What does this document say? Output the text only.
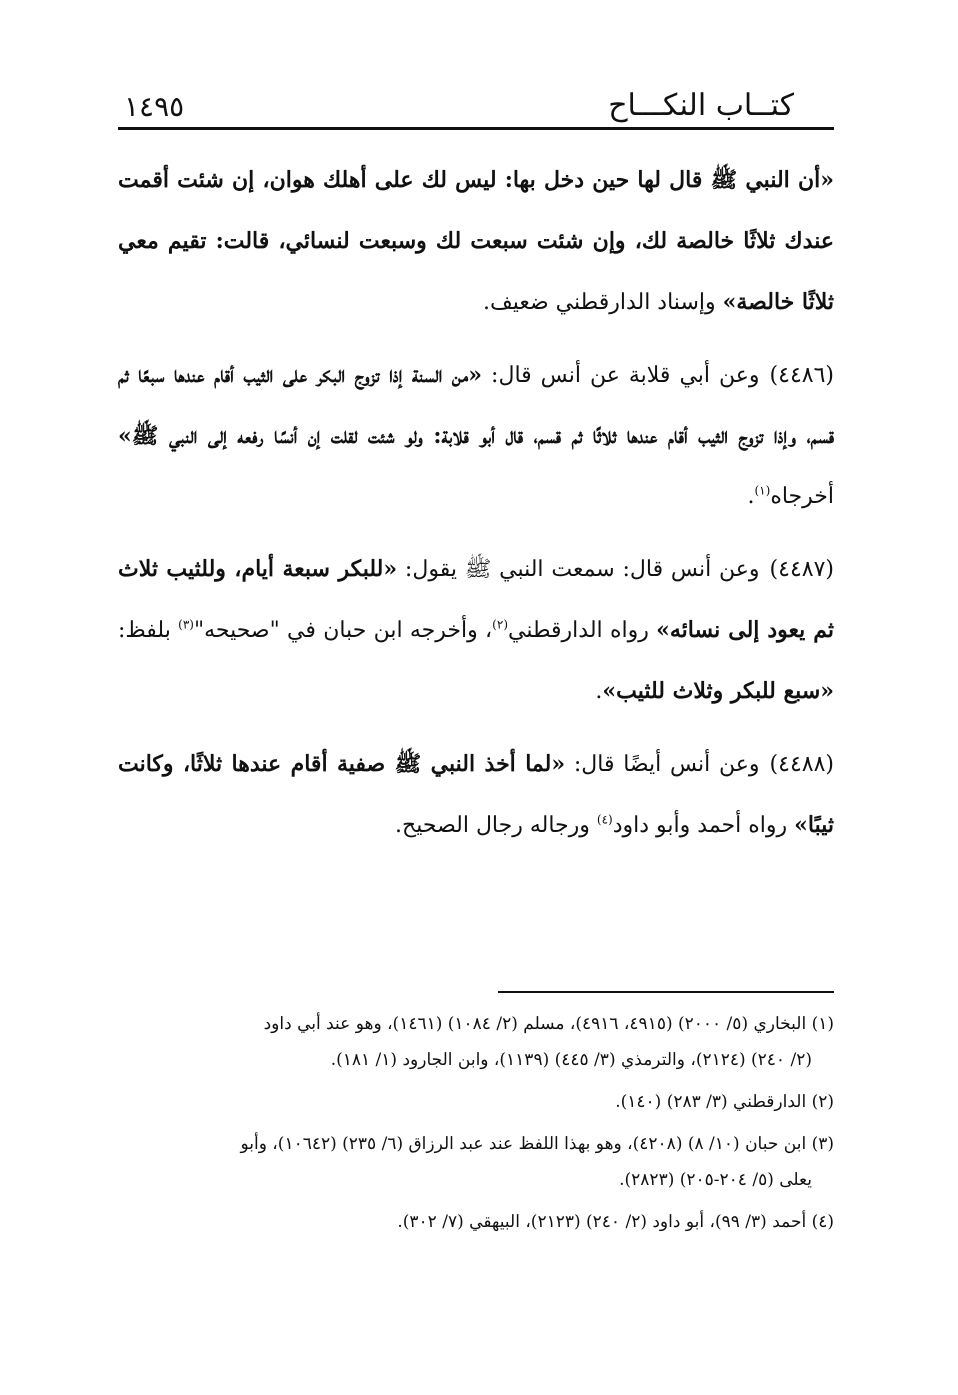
كتــاب النكـــاح
١٤٩٥

«أن النبي ﷺ قال لها حين دخل بها: ليس لك على أهلك هوان، إن شئت أقمت عندك ثلاثًا خالصة لك، وإن شئت سبعت لك وسبعت لنسائي، قالت: تقيم معي ثلاثًا خالصة» وإسناد الدارقطني ضعيف.

(٤٤٨٦)وعن أبي قلابة عن أنس قال: «من السنة إذا تزوج البكر على الثيب أقام عندها سبعًا ثم قسم، وإذا تزوج الثيب أقام عندها ثلاثًا ثم قسم، قال أبو قلابة: ولو شئت لقلت إن أنسًا رفعه إلى النبي ﷺ» أخرجاه$^{(١)}$.

(٤٤٨٧)وعن أنس قال: سمعت النبي ﷺ يقول: «للبكر سبعة أيام، وللثيب ثلاث ثم يعود إلى نسائه» رواه الدارقطني$^{(٢)}$، وأخرجه ابن حبان في "صحيحه"$^{(٣)}$ بلفظ: «سبع للبكر وثلاث للثيب».

(٤٤٨٨)وعن أنس أيضًا قال: «لما أخذ النبي ﷺ صفية أقام عندها ثلاثًا، وكانت ثيبًا» رواه أحمد وأبو داود$^{(٤)}$ ورجاله رجال الصحيح.

(١) البخاري (٥/ ٢٠٠٠) (٤٩١٥، ٤٩١٦)، مسلم (٢/ ١٠٨٤) (١٤٦١)، وهو عند أبي داود
(٢/ ٢٤٠) (٢١٢٤)، والترمذي (٣/ ٤٤٥) (١١٣٩)، وابن الجارود (١/ ١٨١).
(٢) الدارقطني (٣/ ٢٨٣) (١٤٠).
(٣) ابن حبان (١٠/ ٨) (٤٢٠٨)، وهو بهذا اللفظ عند عبد الرزاق (٦/ ٢٣٥) (١٠٦٤٢)، وأبو
يعلى (٥/ ٢٠٤-٢٠٥) (٢٨٢٣).
(٤) أحمد (٣/ ٩٩)، أبو داود (٢/ ٢٤٠) (٢١٢٣)، البيهقي (٧/ ٣٠٢).
